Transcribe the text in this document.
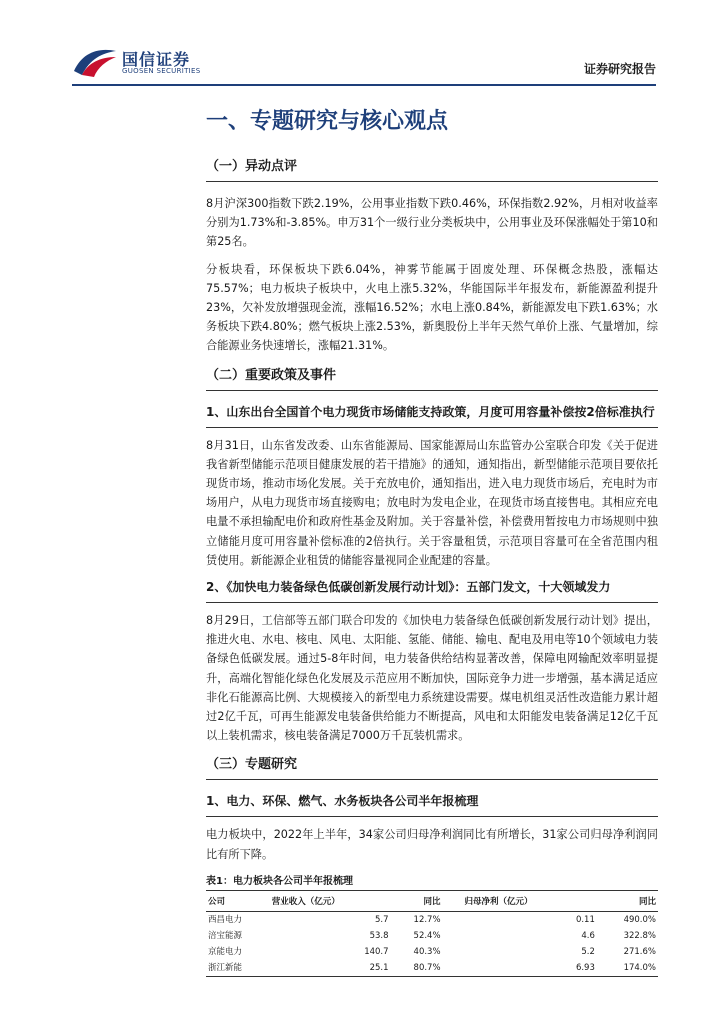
国信证券
GUOSEN SECURITIES	证券研究报告
一、专题研究与核心观点
（一）异动点评

8月沪深300指数下跌2.19%，公用事业指数下跌0.46%，环保指数2.92%，月相对收益率分别为1.73%和-3.85%。申万31个一级行业分类板块中，公用事业及环保涨幅处于第10和第25名。

分板块看，环保板块下跌6.04%，神雾节能属于固废处理、环保概念热股，涨幅达75.57%；电力板块子板块中，火电上涨5.32%，华能国际半年报发布，新能源盈利提升23%，欠补发放增强现金流，涨幅16.52%；水电上涨0.84%，新能源发电下跌1.63%；水务板块下跌4.80%；燃气板块上涨2.53%，新奥股份上半年天然气单价上涨、气量增加，综合能源业务快速增长，涨幅21.31%。

（二）重要政策及事件
1、山东出台全国首个电力现货市场储能支持政策，月度可用容量补偿按2倍标准执行

8月31日，山东省发改委、山东省能源局、国家能源局山东监管办公室联合印发《关于促进我省新型储能示范项目健康发展的若干措施》的通知，通知指出，新型储能示范项目要依托现货市场，推动市场化发展。关于充放电价，通知指出，进入电力现货市场后，充电时为市场用户，从电力现货市场直接购电；放电时为发电企业，在现货市场直接售电。其相应充电电量不承担输配电价和政府性基金及附加。关于容量补偿，补偿费用暂按电力市场规则中独立储能月度可用容量补偿标准的2倍执行。关于容量租赁，示范项目容量可在全省范围内租赁使用。新能源企业租赁的储能容量视同企业配建的容量。

2、《加快电力装备绿色低碳创新发展行动计划》：五部门发文，十大领域发力

8月29日，工信部等五部门联合印发的《加快电力装备绿色低碳创新发展行动计划》提出，推进火电、水电、核电、风电、太阳能、氢能、储能、输电、配电及用电等10个领域电力装备绿色低碳发展。通过5-8年时间，电力装备供给结构显著改善，保障电网输配效率明显提升，高端化智能化绿色化发展及示范应用不断加快，国际竞争力进一步增强，基本满足适应非化石能源高比例、大规模接入的新型电力系统建设需要。煤电机组灵活性改造能力累计超过2亿千瓦，可再生能源发电装备供给能力不断提高，风电和太阳能发电装备满足12亿千瓦以上装机需求，核电装备满足7000万千瓦装机需求。

（三）专题研究
1、电力、环保、燃气、水务板块各公司半年报梳理

电力板块中，2022年上半年，34家公司归母净利润同比有所增长，31家公司归母净利润同比有所下降。

表1：电力板块各公司半年报梳理
公司	营业收入（亿元）	同比	归母净利（亿元）	同比
西昌电力	5.7	12.7%	0.11	490.0%
涪宝能源	53.8	52.4%	4.6	322.8%
京能电力	140.7	40.3%	5.2	271.6%
浙江新能	25.1	80.7%	6.93	174.0%
